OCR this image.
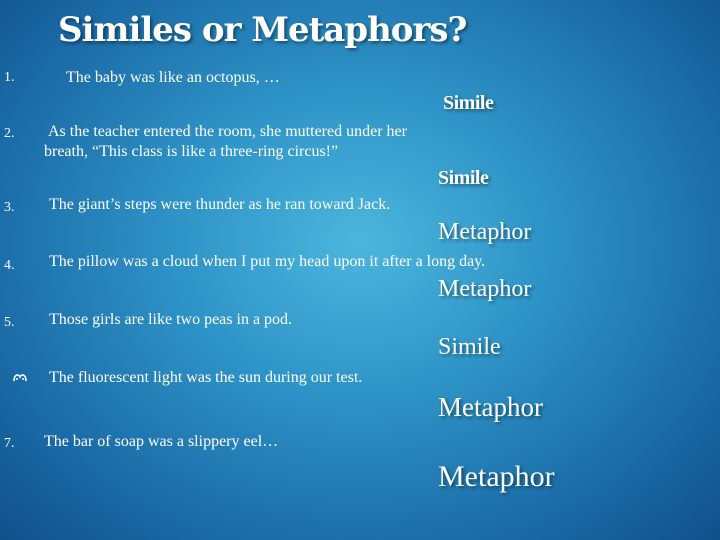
Similes or Metaphors?
1.	The baby was like an octopus, …
Simile
2. As the teacher entered the room, she muttered under her
breath, “This class is like a three-ring circus!”
Simile
3. The giant’s steps were thunder as he ran toward Jack.
Metaphor
4. The pillow was a cloud when I put my head upon it after a long day.
Metaphor
5. Those girls are like two peas in a pod.
Simile
The fluorescent light was the sun during our test.
Metaphor
7. The bar of soap was a slippery eel…
Metaphor
